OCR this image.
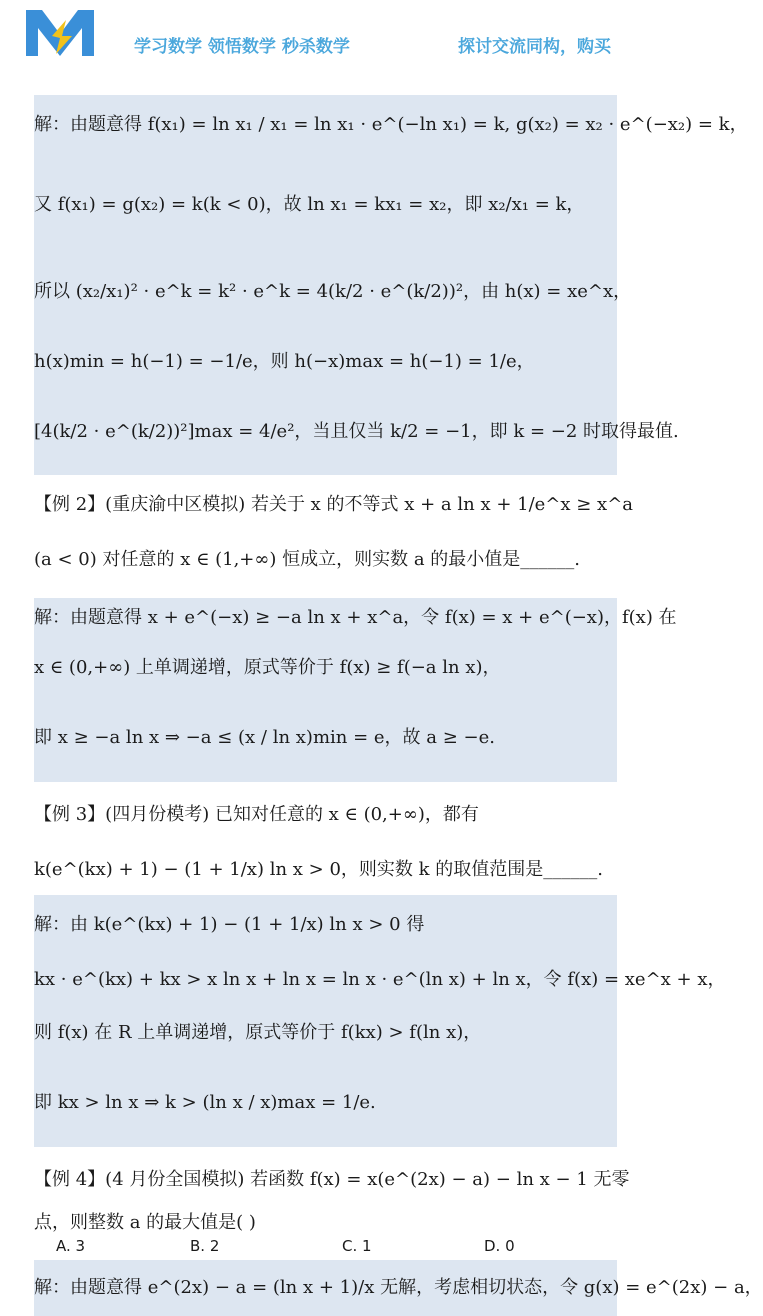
学习数学 领悟数学 秒杀数学	探讨交流同构，购买
解：由题意得 f(x₁) = ln x₁ / x₁ = ln x₁ · e^(−ln x₁) = k, g(x₂) = x₂ · e^(−x₂) = k，
又 f(x₁) = g(x₂) = k(k < 0)，故 ln x₁ = kx₁ = x₂，即 x₂/x₁ = k，
所以 (x₂/x₁)² · e^k = k² · e^k = 4(k/2 · e^(k/2))²，由 h(x) = xe^x，
h(x)min = h(−1) = −1/e，则 h(−x)max = h(−1) = 1/e，
[4(k/2 · e^(k/2))²]max = 4/e²，当且仅当 k/2 = −1，即 k = −2 时取得最值.
【例 2】(重庆渝中区模拟) 若关于 x 的不等式 x + a ln x + 1/e^x ≥ x^a
(a < 0) 对任意的 x ∈ (1,+∞) 恒成立，则实数 a 的最小值是______.
解：由题意得 x + e^(−x) ≥ −a ln x + x^a，令 f(x) = x + e^(−x)，f(x) 在
x ∈ (0,+∞) 上单调递增，原式等价于 f(x) ≥ f(−a ln x)，
即 x ≥ −a ln x ⇒ −a ≤ (x / ln x)min = e，故 a ≥ −e.
【例 3】(四月份模考) 已知对任意的 x ∈ (0,+∞)，都有
k(e^(kx) + 1) − (1 + 1/x) ln x > 0，则实数 k 的取值范围是______.
解：由 k(e^(kx) + 1) − (1 + 1/x) ln x > 0 得
kx · e^(kx) + kx > x ln x + ln x = ln x · e^(ln x) + ln x，令 f(x) = xe^x + x，
则 f(x) 在 R 上单调递增，原式等价于 f(kx) > f(ln x)，
即 kx > ln x ⇒ k > (ln x / x)max = 1/e.
【例 4】(4 月份全国模拟) 若函数 f(x) = x(e^(2x) − a) − ln x − 1 无零
点，则整数 a 的最大值是( )
A. 3	B. 2	C. 1	D. 0
解：由题意得 e^(2x) − a = (ln x + 1)/x 无解，考虑相切状态，令 g(x) = e^(2x) − a，
